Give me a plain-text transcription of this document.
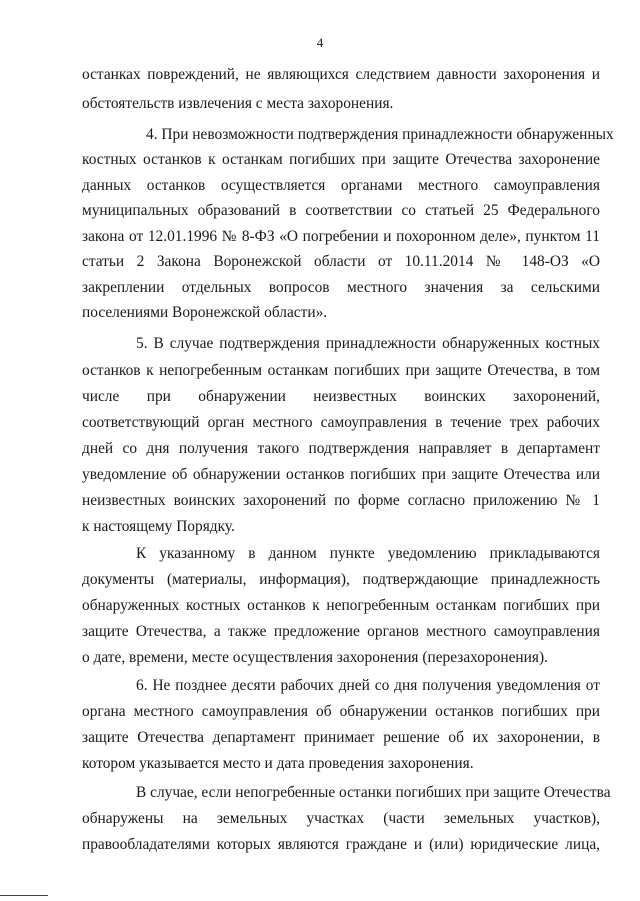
4
останках повреждений, не являющихся следствием давности захоронения и
обстоятельств извлечения с места захоронения.
4. При невозможности подтверждения принадлежности обнаруженных
костных останков к останкам погибших при защите Отечества захоронение
данных останков осуществляется органами местного самоуправления
муниципальных образований в соответствии со статьей 25 Федерального
закона от 12.01.1996 № 8-ФЗ «О погребении и похоронном деле», пунктом 11
статьи 2 Закона Воронежской области от 10.11.2014 № 148-ОЗ «О
закреплении отдельных вопросов местного значения за сельскими
поселениями Воронежской области».
5. В случае подтверждения принадлежности обнаруженных костных
останков к непогребенным останкам погибших при защите Отечества, в том
числе при обнаружении неизвестных воинских захоронений,
соответствующий орган местного самоуправления в течение трех рабочих
дней со дня получения такого подтверждения направляет в департамент
уведомление об обнаружении останков погибших при защите Отечества или
неизвестных воинских захоронений по форме согласно приложению № 1
к настоящему Порядку.
К указанному в данном пункте уведомлению прикладываются
документы (материалы, информация), подтверждающие принадлежность
обнаруженных костных останков к непогребенным останкам погибших при
защите Отечества, а также предложение органов местного самоуправления
о дате, времени, месте осуществления захоронения (перезахоронения).
6. Не позднее десяти рабочих дней со дня получения уведомления от
органа местного самоуправления об обнаружении останков погибших при
защите Отечества департамент принимает решение об их захоронении, в
котором указывается место и дата проведения захоронения.
В случае, если непогребенные останки погибших при защите Отечества
обнаружены на земельных участках (части земельных участков),
правообладателями которых являются граждане и (или) юридические лица,
